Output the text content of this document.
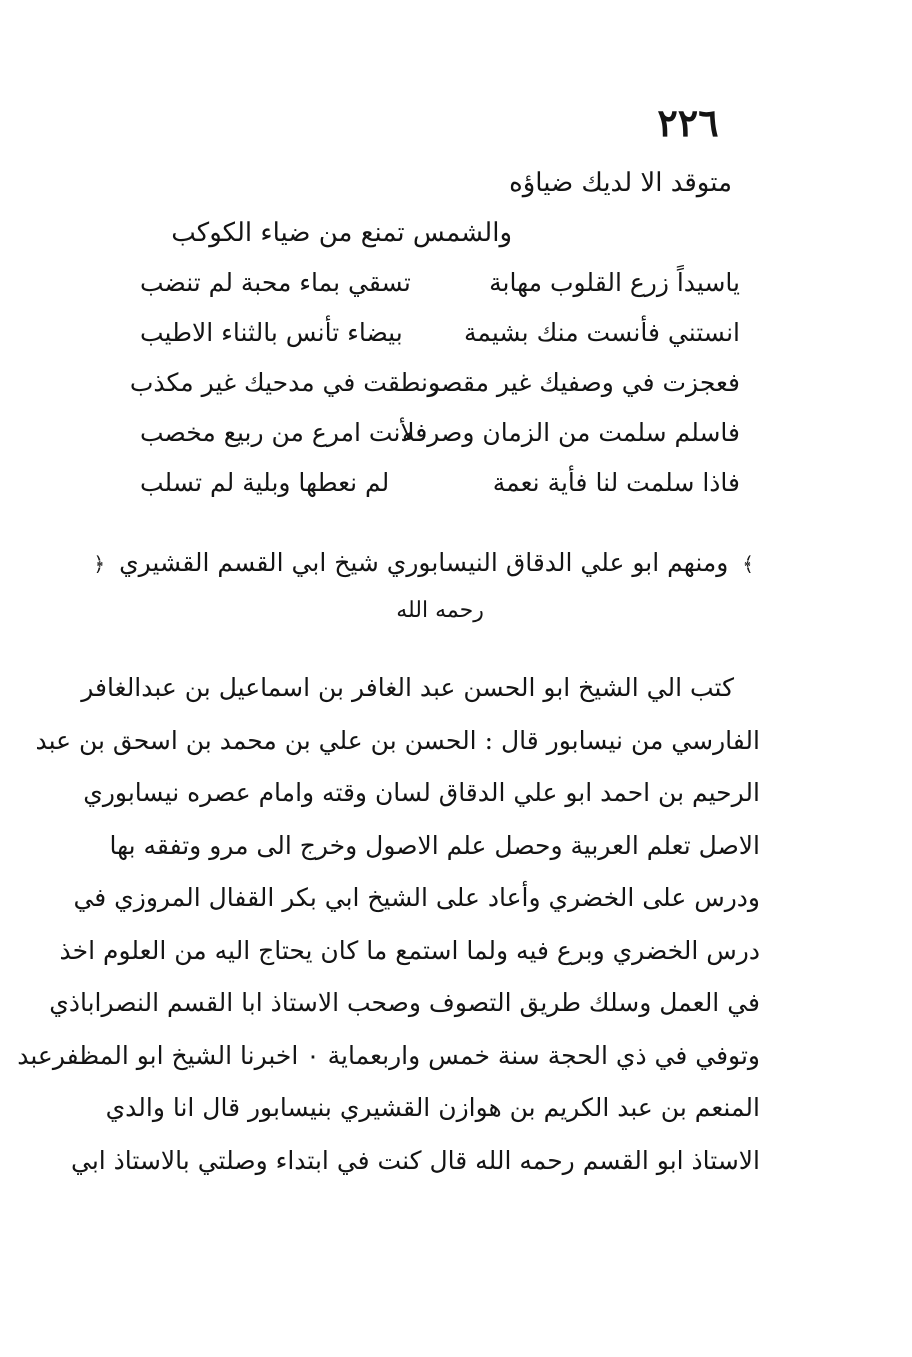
٢٢٦
متوقد الا لديك ضياؤه
والشمس تمنع من ضياء الكوكب
ياسيداً زرع القلوب مهابة
تسقي بماء محبة لم تنضب
انستني فأنست منك بشيمة
بيضاء تأنس بالثناء الاطيب
فعجزت في وصفيك غير مقصر
ونطقت في مدحيك غير مكذب
فاسلم سلمت من الزمان وصرفه
فلأنت امرع من ربيع مخصب
فاذا سلمت لنا فأية نعمة
لم نعطها وبلية لم تسلب
﴾ ومنهم ابو علي الدقاق النيسابوري شيخ ابي القسم القشيري ﴿
رحمه الله
كتب الي الشيخ ابو الحسن عبد الغافر بن اسماعيل بن عبدالغافر
الفارسي من نيسابور قال : الحسن بن علي بن محمد بن اسحق بن عبد
الرحيم بن احمد ابو علي الدقاق لسان وقته وامام عصره نيسابوري
الاصل تعلم العربية وحصل علم الاصول وخرج الى مرو وتفقه بها
ودرس على الخضري وأعاد على الشيخ ابي بكر القفال المروزي في
درس الخضري وبرع فيه ولما استمع ما كان يحتاج اليه من العلوم اخذ
في العمل وسلك طريق التصوف وصحب الاستاذ ابا القسم النصراباذي
وتوفي في ذي الحجة سنة خمس واربعماية ٠ اخبرنا الشيخ ابو المظفرعبد
المنعم بن عبد الكريم بن هوازن القشيري بنيسابور قال انا والدي
الاستاذ ابو القسم رحمه الله قال كنت في ابتداء وصلتي بالاستاذ ابي
